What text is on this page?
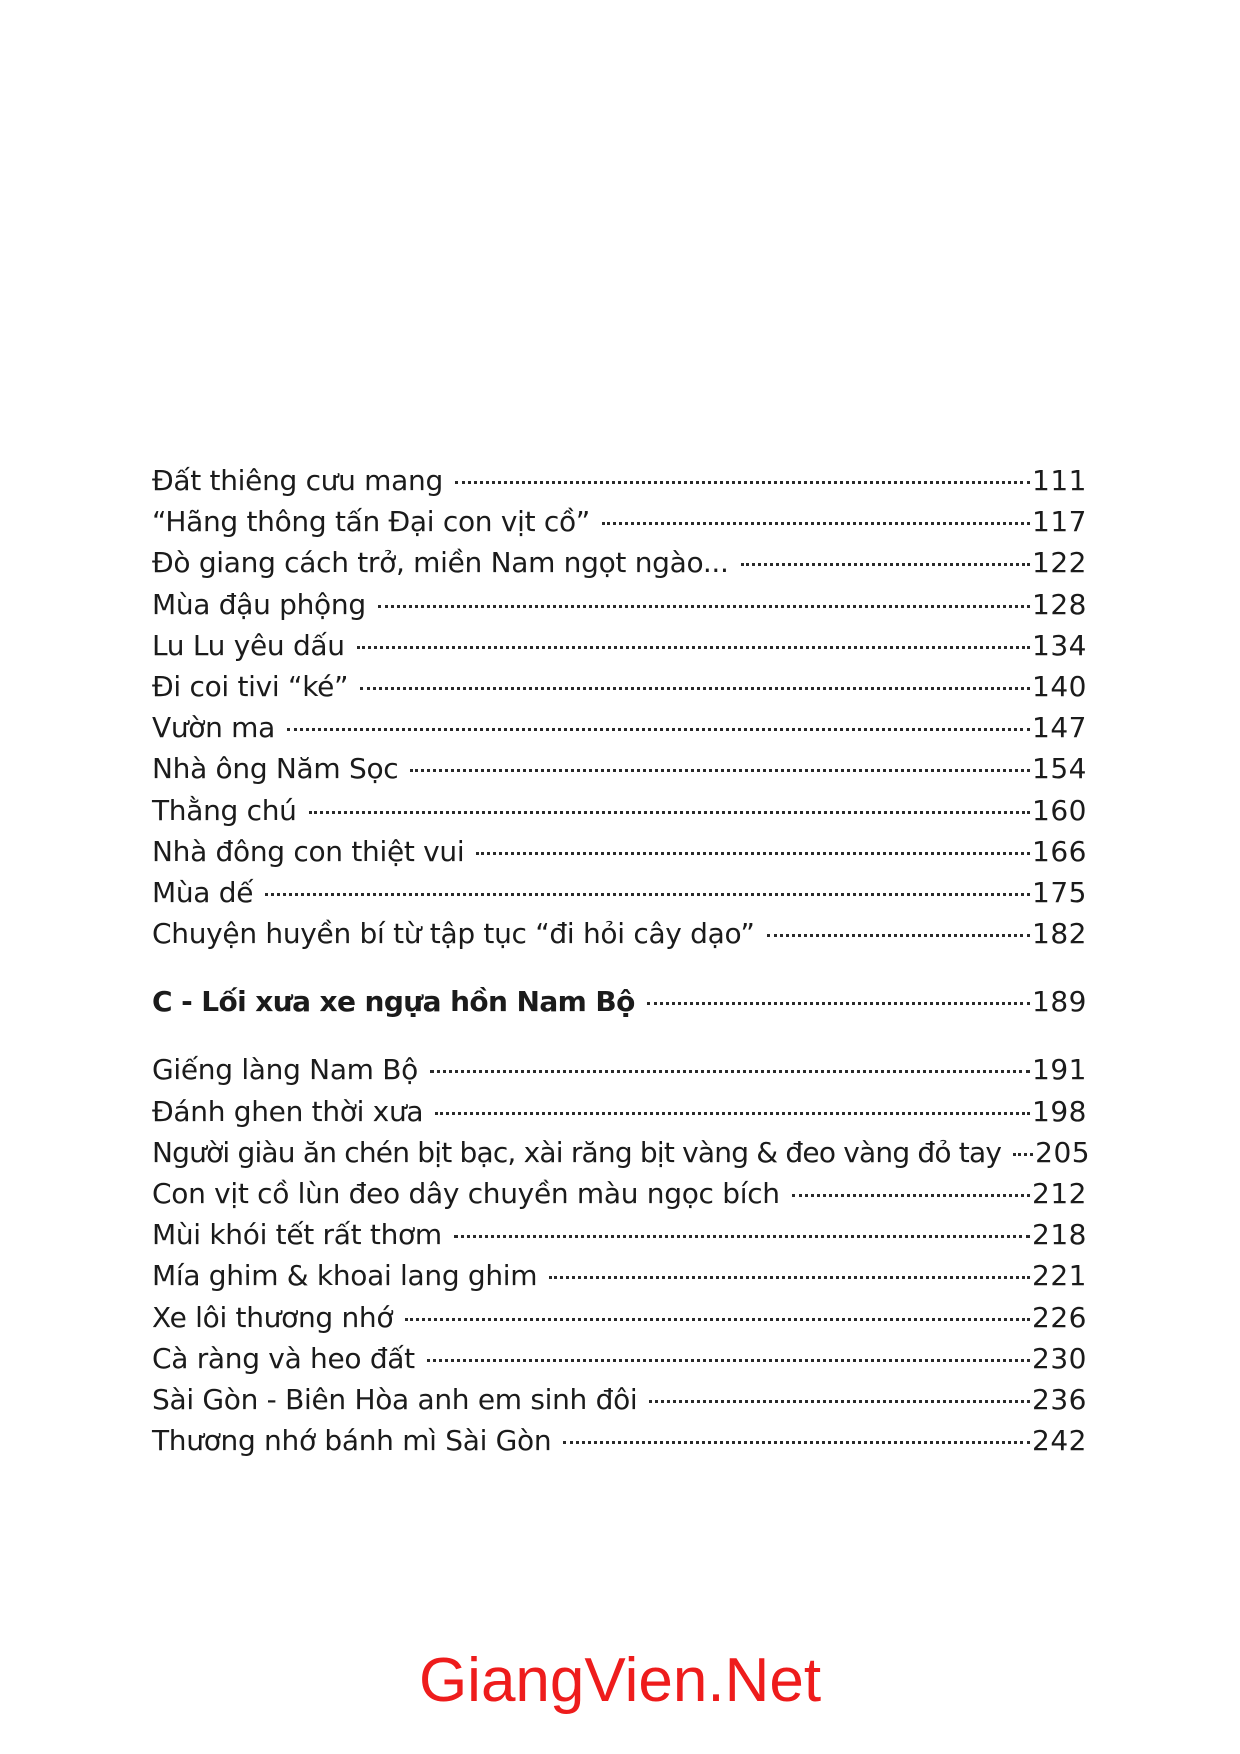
Đất thiêng cưu mang	111
“Hãng thông tấn Đại con vịt cồ”	117
Đò giang cách trở, miền Nam ngọt ngào...	122
Mùa đậu phộng	128
Lu Lu yêu dấu	134
Đi coi tivi “ké”	140
Vườn ma	147
Nhà ông Năm Sọc	154
Thằng chú	160
Nhà đông con thiệt vui	166
Mùa dế	175
Chuyện huyền bí từ tập tục “đi hỏi cây dạo”	182
C - Lối xưa xe ngựa hồn Nam Bộ	189
Giếng làng Nam Bộ	191
Đánh ghen thời xưa	198
Người giàu ăn chén bịt bạc, xài răng bịt vàng & đeo vàng đỏ tay 205
Con vịt cồ lùn đeo dây chuyền màu ngọc bích	212
Mùi khói tết rất thơm	218
Mía ghim & khoai lang ghim	221
Xe lôi thương nhớ	226
Cà ràng và heo đất	230
Sài Gòn - Biên Hòa anh em sinh đôi	236
Thương nhớ bánh mì Sài Gòn	242
GiangVien.Net
